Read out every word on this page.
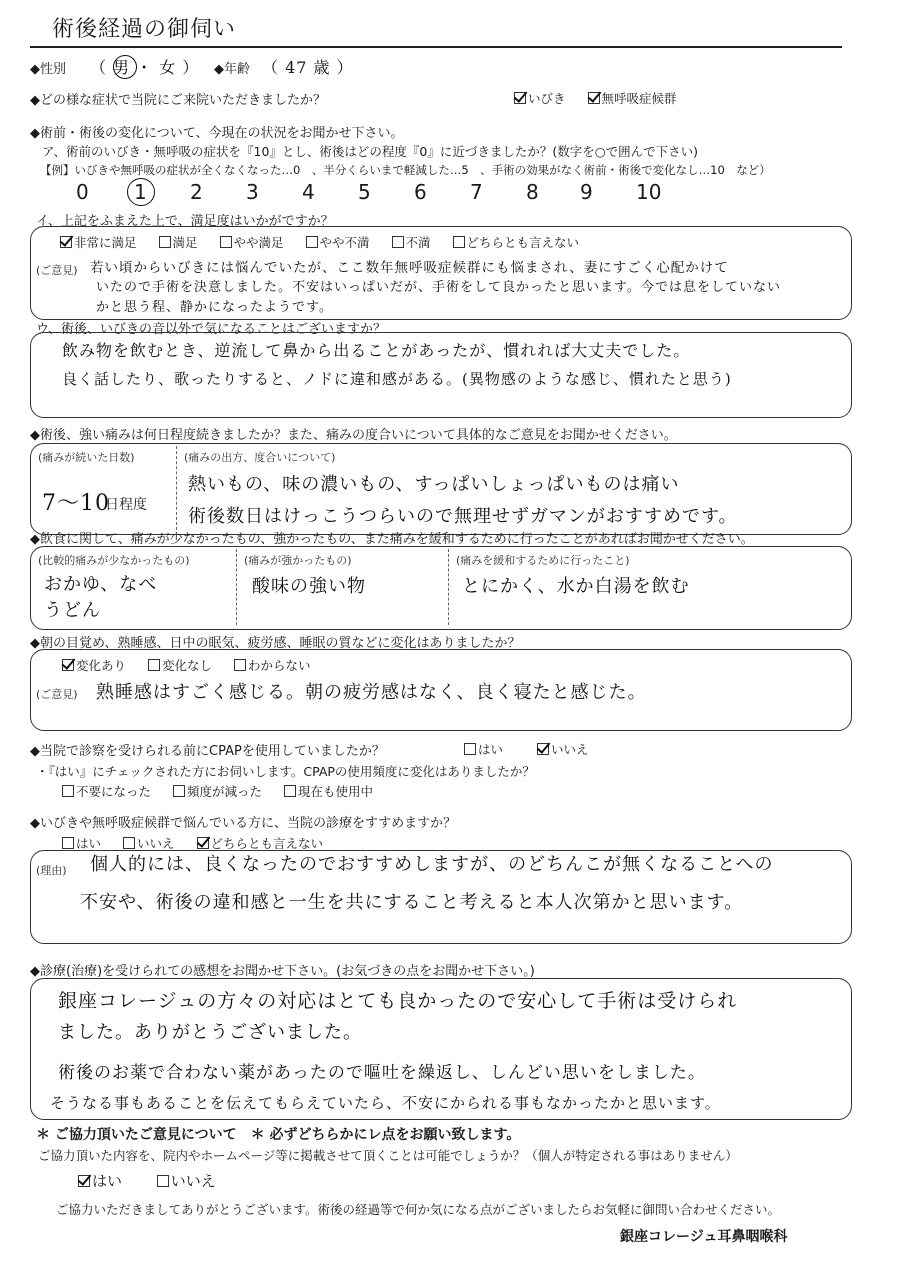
術後経過の御伺い
◆性別 （ 男 ・ 女 ） ◆年齢 （ 47 歳 ）
◆どの様な症状で当院にご来院いただきましたか？	いびき	無呼吸症候群
◆術前・術後の変化について、今現在の状況をお聞かせ下さい。
ア、術前のいびき・無呼吸の症状を『10』とし、術後はどの程度『0』に近づきましたか？(数字を○で囲んで下さい)
【例】いびきや無呼吸の症状が全くなくなった…0　、半分くらいまで軽減した…5　、手術の効果がなく術前・術後で変化なし…10　など）
0 1 2 3 4 5 6 7 8 9 10
イ、上記をふまえた上で、満足度はいかがですか？
非常に満足	満足	やや満足	やや不満	不満	どちらとも言えない
(ご意見) 若い頃からいびきには悩んでいたが、ここ数年無呼吸症候群にも悩まされ、妻にすごく心配かけて
いたので手術を決意しました。不安はいっぱいだが、手術をして良かったと思います。今では息をしていない
かと思う程、静かになったようです。
ウ、術後、いびきの音以外で気になることはございますか？
飲み物を飲むとき、逆流して鼻から出ることがあったが、慣れれば大丈夫でした。
良く話したり、歌ったりすると、ノドに違和感がある。(異物感のような感じ、慣れたと思う)
◆術後、強い痛みは何日程度続きましたか？また、痛みの度合いについて具体的なご意見をお聞かせください。
(痛みが続いた日数)
7〜10
日程度
(痛みの出方、度合いについて)
熱いもの、味の濃いもの、すっぱいしょっぱいものは痛い
術後数日はけっこうつらいので無理せずガマンがおすすめです。
◆飲食に関して、痛みが少なかったもの、強かったもの、また痛みを緩和するために行ったことがあればお聞かせください。
(比較的痛みが少なかったもの)
おかゆ、なべ
うどん
(痛みが強かったもの)
酸味の強い物
(痛みを緩和するために行ったこと)
とにかく、水か白湯を飲む
◆朝の目覚め、熟睡感、日中の眠気、疲労感、睡眠の質などに変化はありましたか？
変化あり	変化なし	わからない
(ご意見) 熟睡感はすごく感じる。朝の疲労感はなく、良く寝たと感じた。
◆当院で診察を受けられる前にCPAPを使用していましたか？	はい	いいえ
・『はい』にチェックされた方にお伺いします。CPAPの使用頻度に変化はありましたか？
不要になった	頻度が減った	現在も使用中
◆いびきや無呼吸症候群で悩んでいる方に、当院の診療をすすめますか？
はい	いいえ	どちらとも言えない
(理由) 個人的には、良くなったのでおすすめしますが、のどちんこが無くなることへの
不安や、術後の違和感と一生を共にすること考えると本人次第かと思います。
◆診療(治療)を受けられての感想をお聞かせ下さい。(お気づきの点をお聞かせ下さい。)
銀座コレージュの方々の対応はとても良かったので安心して手術は受けられ
ました。ありがとうございました。
術後のお薬で合わない薬があったので嘔吐を繰返し、しんどい思いをしました。
そうなる事もあることを伝えてもらえていたら、不安にかられる事もなかったかと思います。
＊ ご協力頂いたご意見について　＊ 必ずどちらかにレ点をお願い致します。
ご協力頂いた内容を、院内やホームページ等に掲載させて頂くことは可能でしょうか？（個人が特定される事はありません）
はい	いいえ
ご協力いただきましてありがとうございます。術後の経過等で何か気になる点がございましたらお気軽に御問い合わせください。
銀座コレージュ耳鼻咽喉科
